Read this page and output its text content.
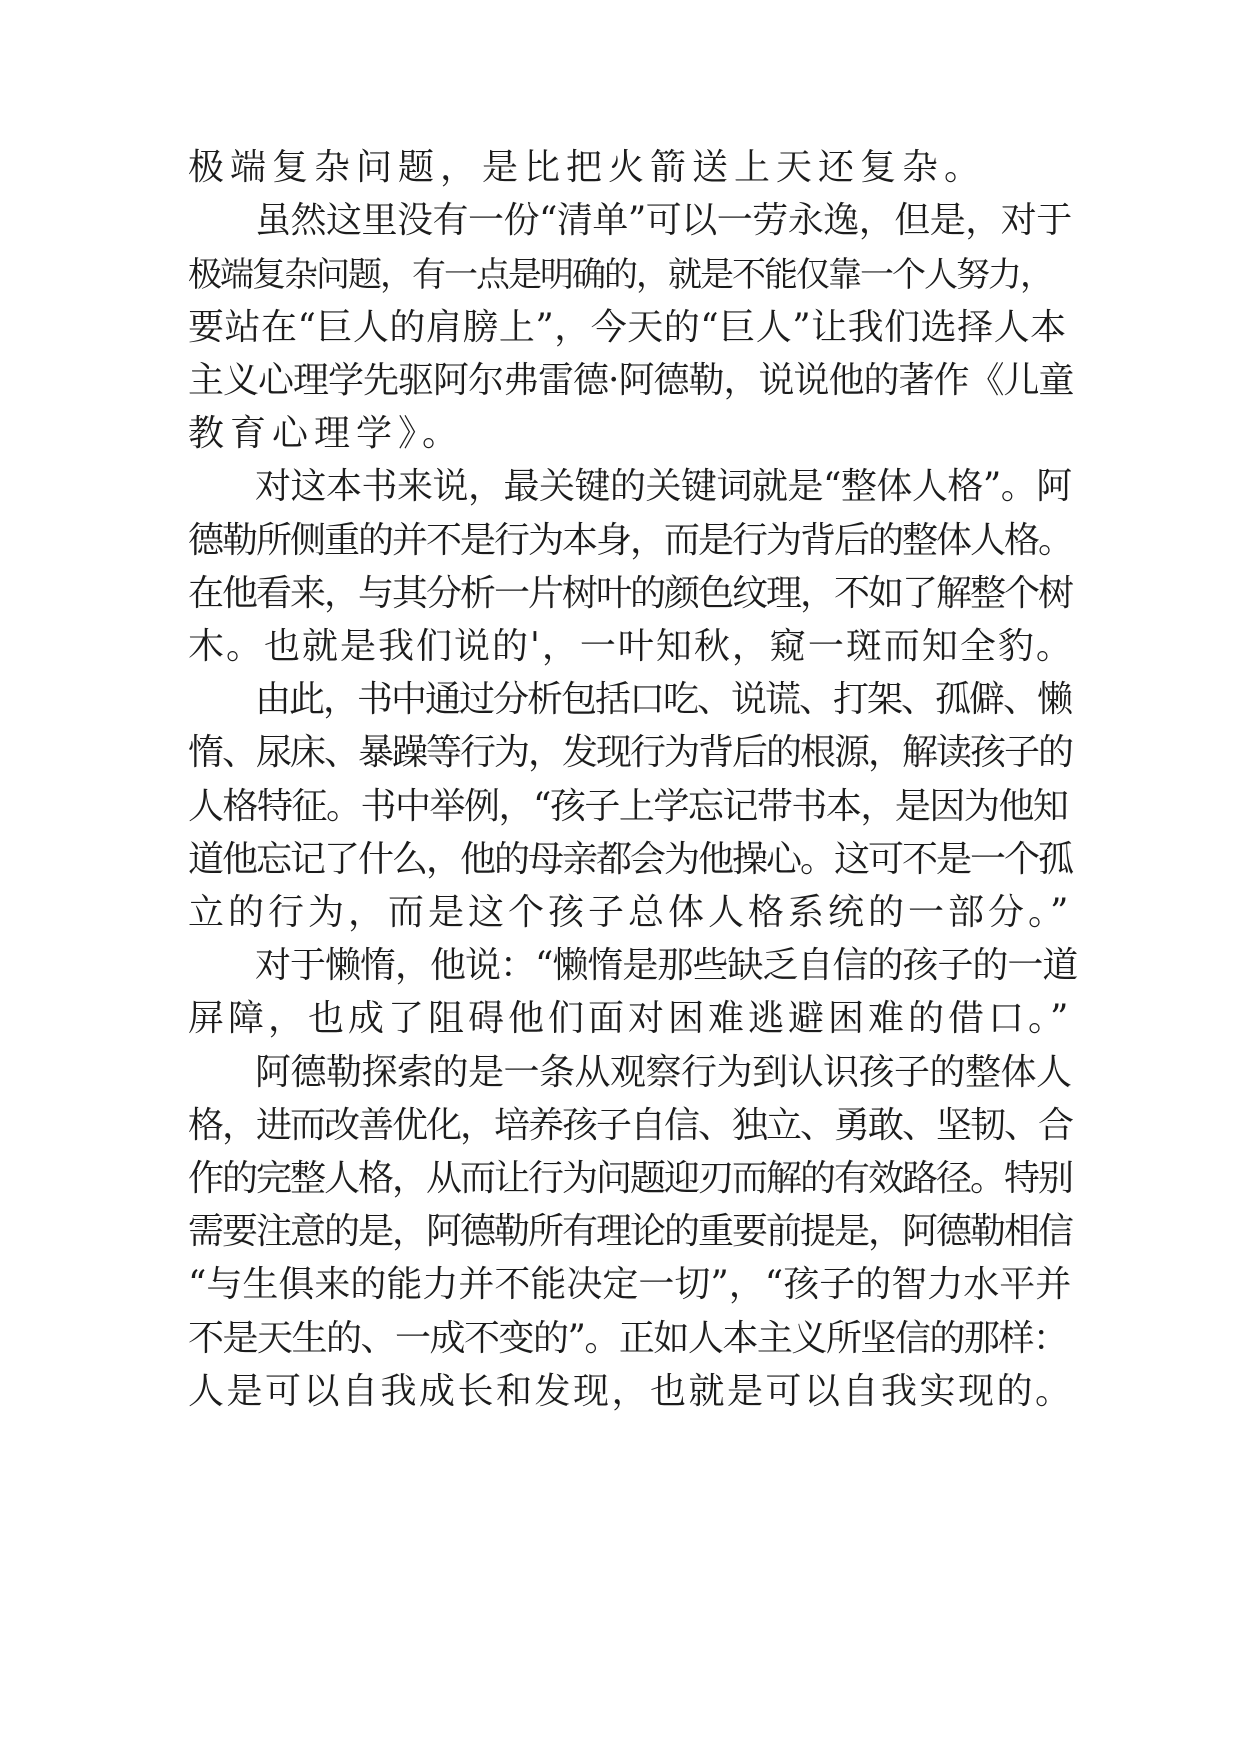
极端复杂问题，是比把火箭送上天还复杂。
虽然这里没有一份“清单”可以一劳永逸，但是，对于
极端复杂问题，有一点是明确的，就是不能仅靠一个人努力，
要站在“巨人的肩膀上”，今天的“巨人”让我们选择人本
主义心理学先驱阿尔弗雷德·阿德勒，说说他的著作《儿童
教育心理学》。
对这本书来说，最关键的关键词就是“整体人格”。阿
德勒所侧重的并不是行为本身，而是行为背后的整体人格。
在他看来，与其分析一片树叶的颜色纹理，不如了解整个树
木。也就是我们说的'，一叶知秋，窥一斑而知全豹。
由此，书中通过分析包括口吃、说谎、打架、孤僻、懒
惰、尿床、暴躁等行为，发现行为背后的根源，解读孩子的
人格特征。书中举例，“孩子上学忘记带书本，是因为他知
道他忘记了什么，他的母亲都会为他操心。这可不是一个孤
立的行为，而是这个孩子总体人格系统的一部分。”
对于懒惰，他说：“懒惰是那些缺乏自信的孩子的一道
屏障，也成了阻碍他们面对困难逃避困难的借口。”
阿德勒探索的是一条从观察行为到认识孩子的整体人
格，进而改善优化，培养孩子自信、独立、勇敢、坚韧、合
作的完整人格，从而让行为问题迎刃而解的有效路径。特别
需要注意的是，阿德勒所有理论的重要前提是，阿德勒相信
“与生俱来的能力并不能决定一切”，“孩子的智力水平并
不是天生的、一成不变的”。正如人本主义所坚信的那样：
人是可以自我成长和发现，也就是可以自我实现的。
